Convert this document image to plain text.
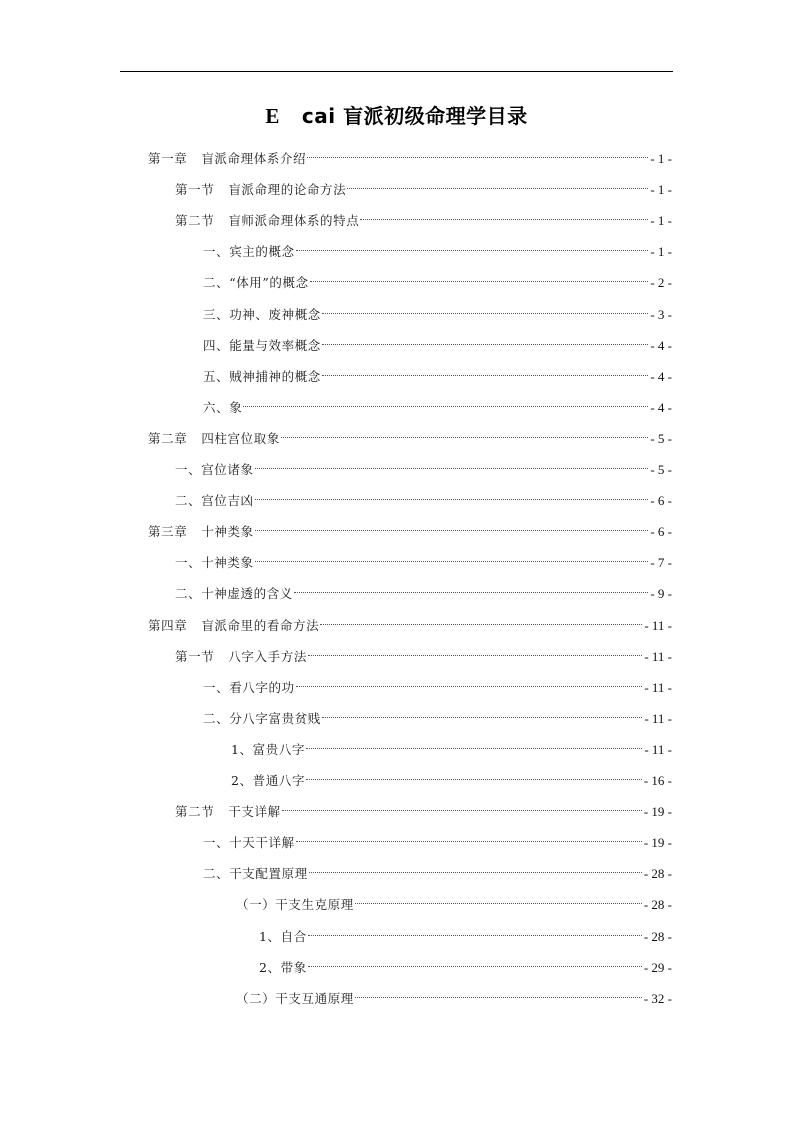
E cai 盲派初级命理学目录
第一章 盲派命理体系介绍	- 1 -
第一节 盲派命理的论命方法	- 1 -
第二节 盲师派命理体系的特点	- 1 -
一、宾主的概念	- 1 -
二、“体用”的概念	- 2 -
三、功神、废神概念	- 3 -
四、能量与效率概念	- 4 -
五、贼神捕神的概念	- 4 -
六、象	- 4 -
第二章 四柱宫位取象	- 5 -
一、宫位诸象	- 5 -
二、宫位吉凶	- 6 -
第三章 十神类象	- 6 -
一、十神类象	- 7 -
二、十神虚透的含义	- 9 -
第四章 盲派命里的看命方法	- 11 -
第一节 八字入手方法	- 11 -
一、看八字的功	- 11 -
二、分八字富贵贫贱	- 11 -
1、富贵八字	- 11 -
2、普通八字	- 16 -
第二节 干支详解	- 19 -
一、十天干详解	- 19 -
二、干支配置原理	- 28 -
（一）干支生克原理	- 28 -
1、自合	- 28 -
2、带象	- 29 -
（二）干支互通原理	- 32 -
